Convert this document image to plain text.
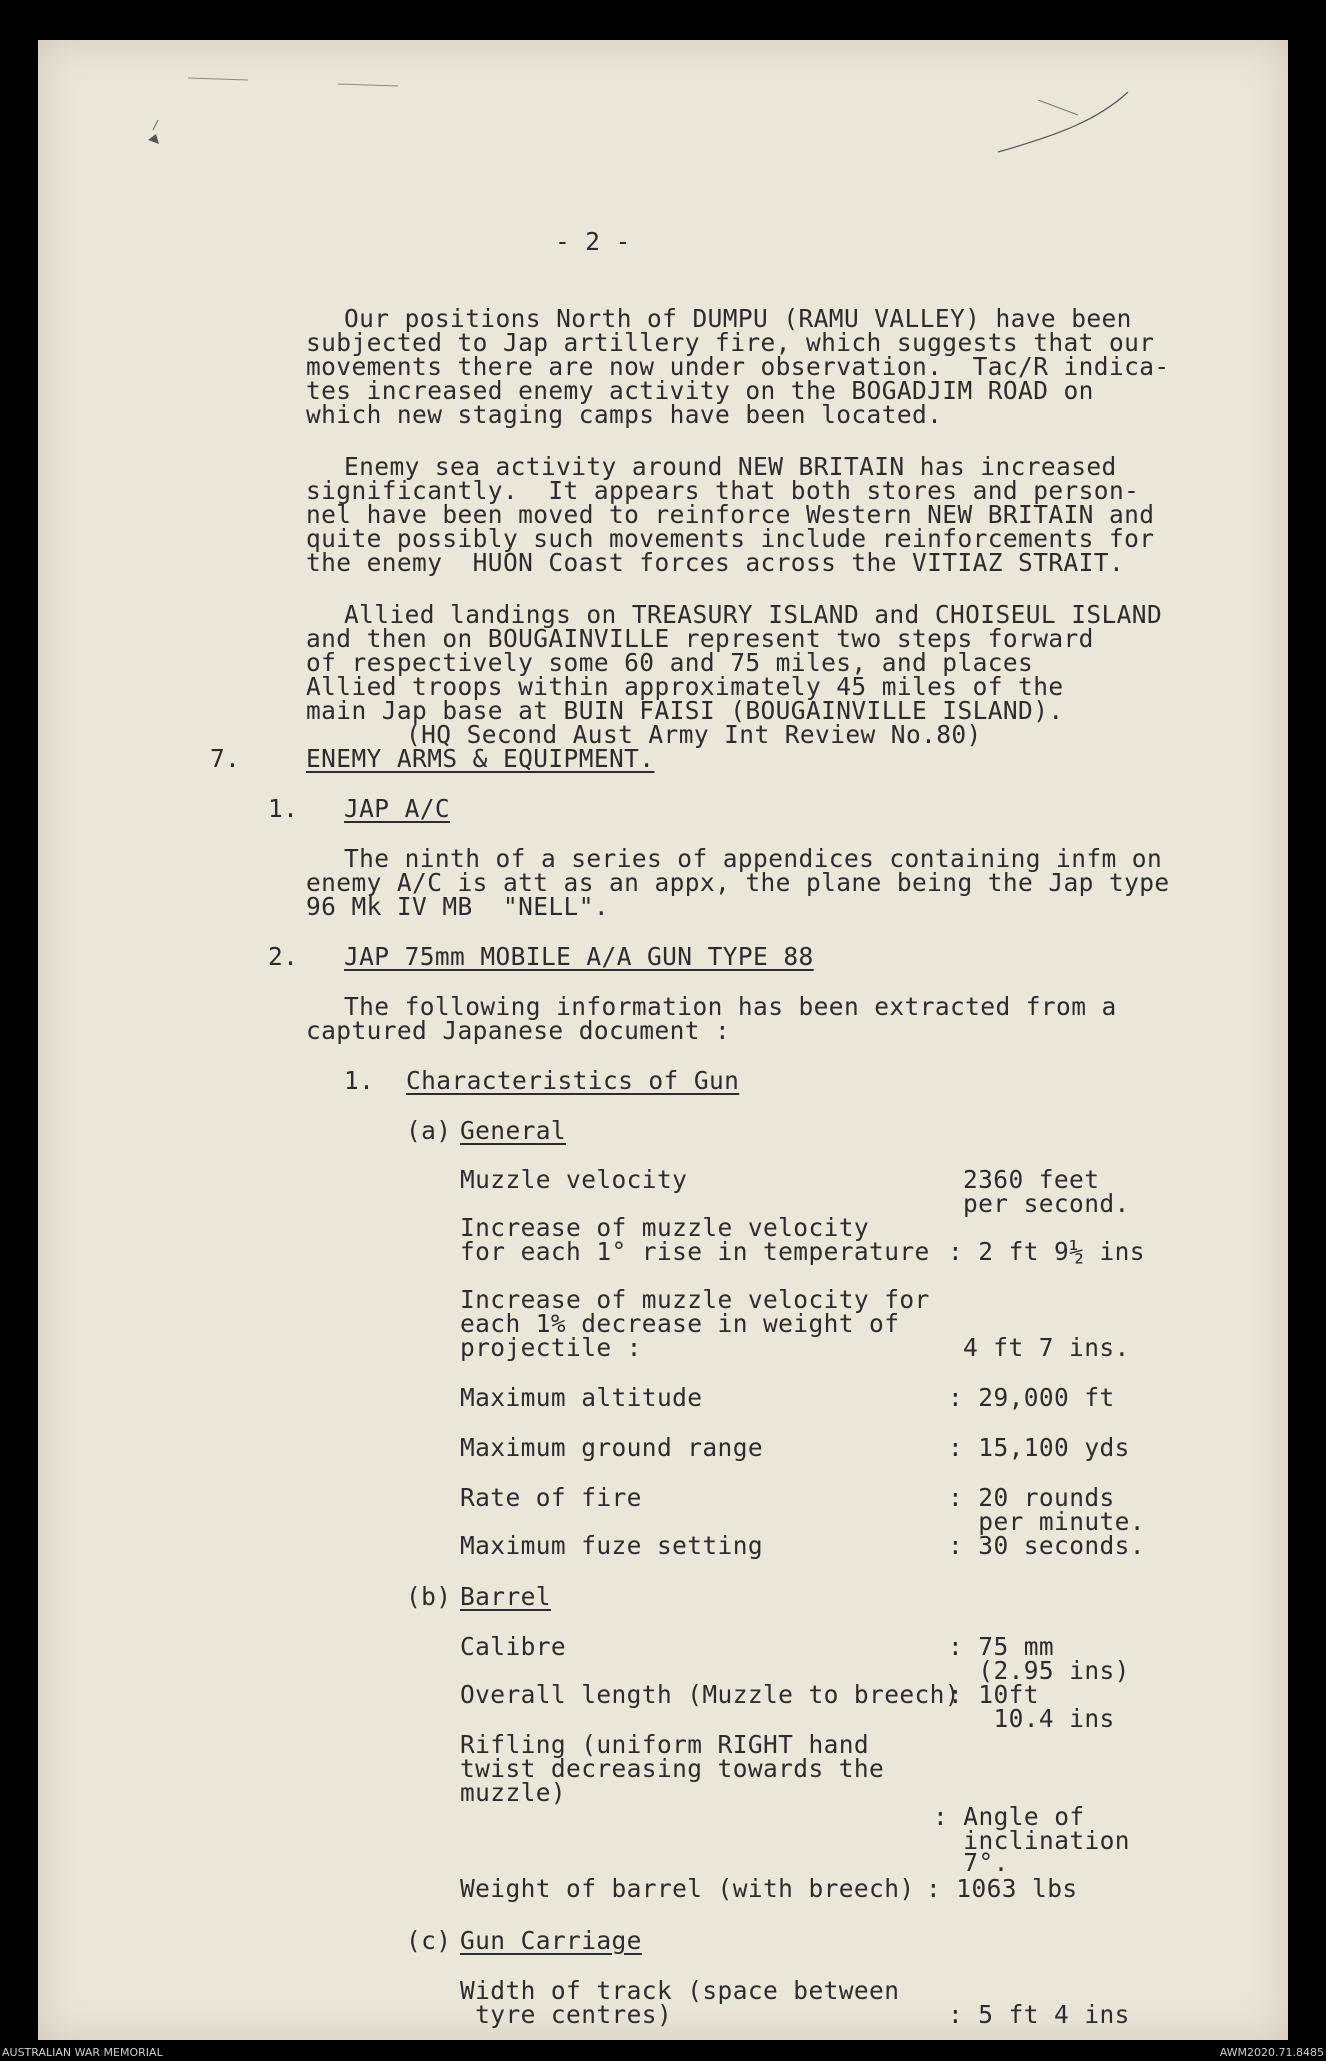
- 2 -
Our positions North of DUMPU (RAMU VALLEY) have been
subjected to Jap artillery fire, which suggests that our
movements there are now under observation.  Tac/R indica-
tes increased enemy activity on the BOGADJIM ROAD on
which new staging camps have been located.
Enemy sea activity around NEW BRITAIN has increased
significantly.  It appears that both stores and person-
nel have been moved to reinforce Western NEW BRITAIN and
quite possibly such movements include reinforcements for
the enemy  HUON Coast forces across the VITIAZ STRAIT.
Allied landings on TREASURY ISLAND and CHOISEUL ISLAND
and then on BOUGAINVILLE represent two steps forward
of respectively some 60 and 75 miles, and places
Allied troops within approximately 45 miles of the
main Jap base at BUIN FAISI (BOUGAINVILLE ISLAND).
(HQ Second Aust Army Int Review No.80)
7.	ENEMY ARMS & EQUIPMENT.
1. JAP A/C
The ninth of a series of appendices containing infm on
enemy A/C is att as an appx, the plane being the Jap type
96 Mk IV MB  "NELL".
2. JAP 75mm MOBILE A/A GUN TYPE 88
The following information has been extracted from a
captured Japanese document :
1. Characteristics of Gun
(a) General
Muzzle velocity	2360 feet
per second.
Increase of muzzle velocity
for each 1° rise in temperature : 2 ft 9½ ins
Increase of muzzle velocity for
each 1% decrease in weight of
projectile :	4 ft 7 ins.
Maximum altitude	: 29,000 ft
Maximum ground range	: 15,100 yds
Rate of fire	: 20 rounds
per minute.
Maximum fuze setting	: 30 seconds.
(b) Barrel
Calibre	: 75 mm
(2.95 ins)
Overall length (Muzzle to breech)
: 10ft
10.4 ins
Rifling (uniform RIGHT hand
twist decreasing towards the
muzzle)
: Angle of
inclination
7°.
Weight of barrel (with breech) : 1063 lbs
(c) Gun Carriage
Width of track (space between
tyre centres)	: 5 ft 4 ins
AUSTRALIAN WAR MEMORIAL	AWM2020.71.8485
